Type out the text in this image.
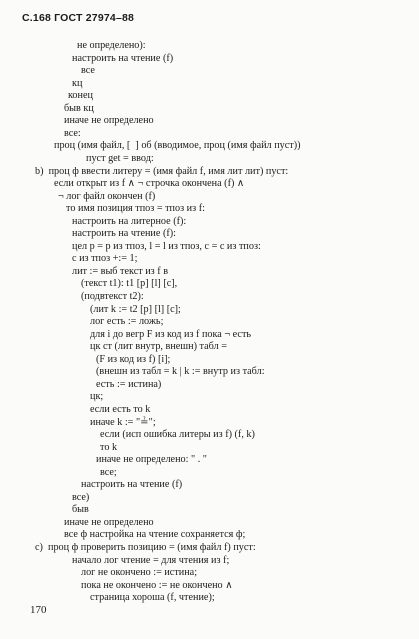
С.168 ГОСТ 27974–88
не определено):
настроить на чтение (f)
все
кц
конец
быв кц
иначе не определено
все:
проц (имя файл, [  ] об (вводимое, проц (имя файл пуст))
пуст get = ввод:
b)  проц ф ввести литеру = (имя файл f, имя лит лит) пуст:
если открыт из f ∧ ¬ строчка окончена (f) ∧
¬ лог файл окончен (f)
то имя позиция тпоз = тпоз из f:
настроить на литерное (f):
настроить на чтение (f):
цел р = р из тпоз, l = l из тпоз, с = с из тпоз:
с из тпоз +:= 1;
лит := выб текст из f в
(текст t1): t1 [р] [l] [с],
(подвтекст t2):
(лит k := t2 [р] [l] [с];
лог есть := ложь;
для i до вегр F из код из f пока ¬ есть
цк ст (лит внутр, внешн) табл =
(F из код из f) [i];
(внешн из табл = k | k := внутр из табл:
есть := истина)
цк;
если есть то k
иначе k := "≟";
если (исп ошибка литеры из f) (f, k)
то k
иначе не определено: " . "
все;
настроить на чтение (f)
все)
быв
иначе не определено
все ф настройка на чтение сохраняется ф;
с)  проц ф проверить позицию = (имя файл f) пуст:
начало лог чтение = для чтения из f;
лог не окончено := истина;
пока не окончено := не окончено ∧
страница хороша (f, чтение);
170
